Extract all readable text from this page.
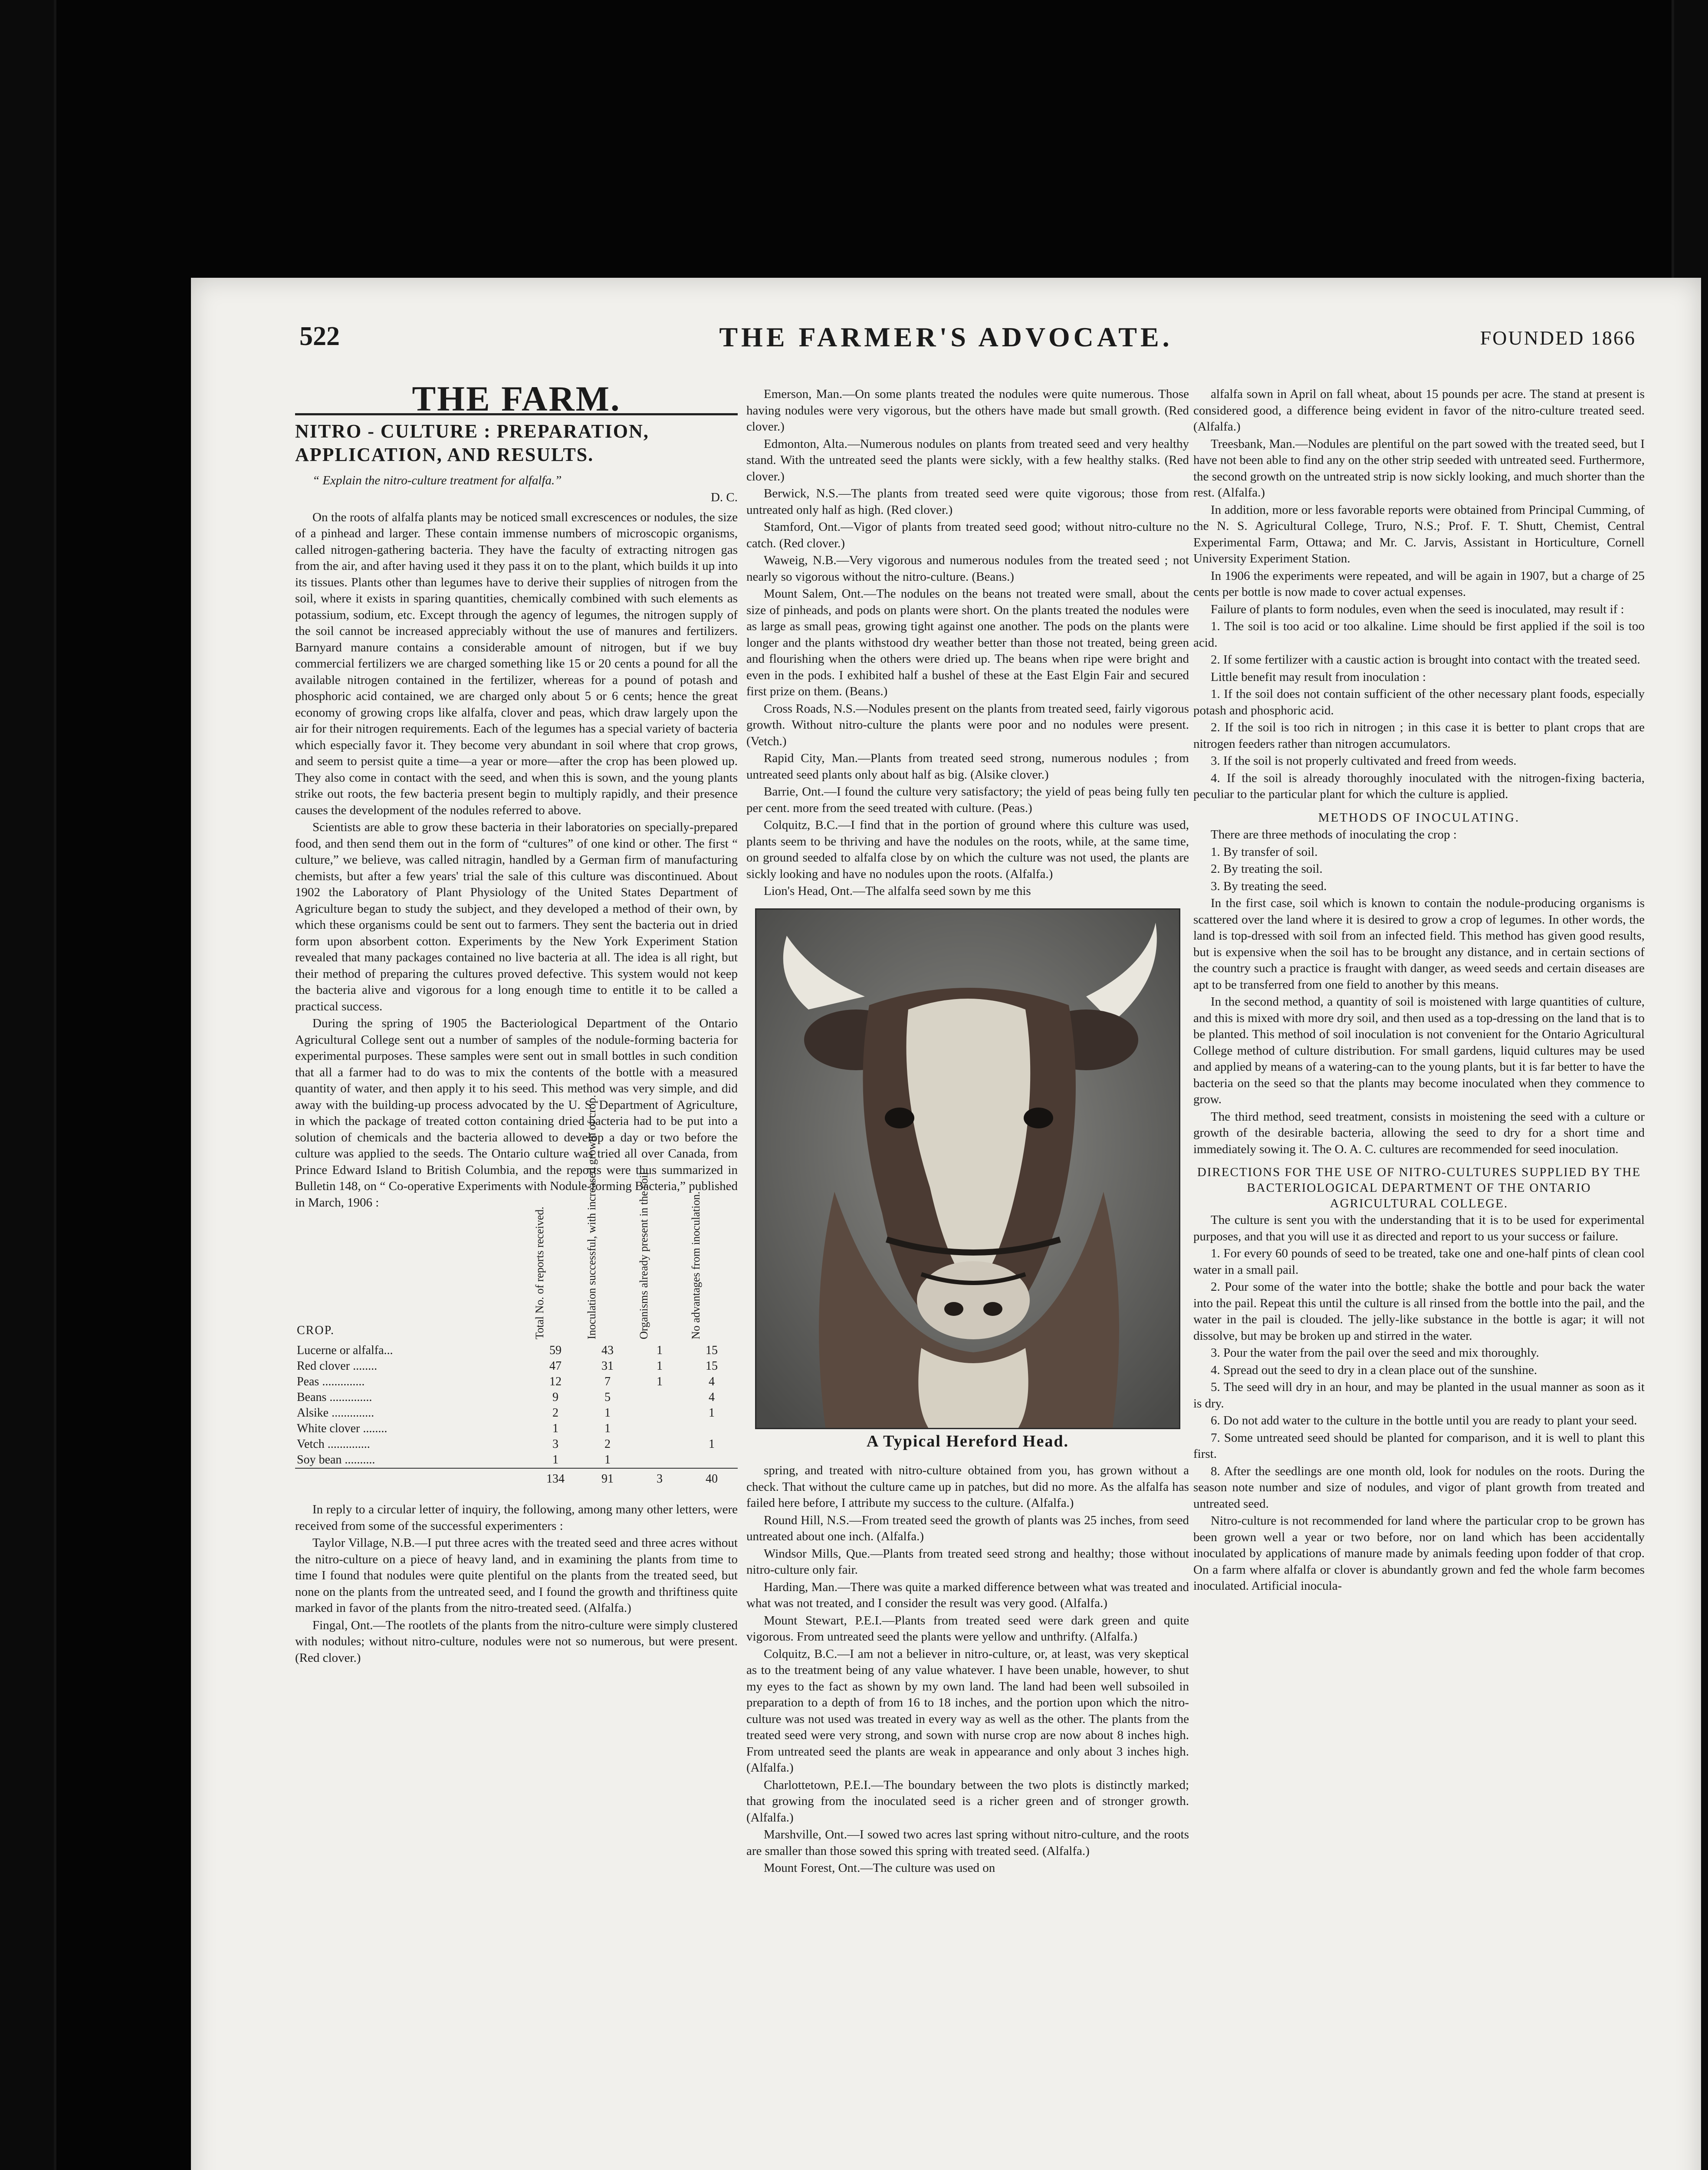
THE FARMER'S ADVOCATE.
522	FOUNDED 1866
THE FARM.
NITRO - CULTURE : PREPARATION, APPLICATION, AND RESULTS.

“ Explain the nitro-culture treatment for alfalfa.”

D. C.

On the roots of alfalfa plants may be noticed small excrescences or nodules, the size of a pinhead and larger. These contain immense numbers of microscopic organisms, called nitrogen-gathering bacteria. They have the faculty of extracting nitrogen gas from the air, and after having used it they pass it on to the plant, which builds it up into its tissues. Plants other than legumes have to derive their supplies of nitrogen from the soil, where it exists in sparing quantities, chemically combined with such elements as potassium, sodium, etc. Except through the agency of legumes, the nitrogen supply of the soil cannot be increased appreciably without the use of manures and fertilizers. Barnyard manure contains a considerable amount of nitrogen, but if we buy commercial fertilizers we are charged something like 15 or 20 cents a pound for all the available nitrogen contained in the fertilizer, whereas for a pound of potash and phosphoric acid contained, we are charged only about 5 or 6 cents; hence the great economy of growing crops like alfalfa, clover and peas, which draw largely upon the air for their nitrogen requirements. Each of the legumes has a special variety of bacteria which especially favor it. They become very abundant in soil where that crop grows, and seem to persist quite a time—a year or more—after the crop has been plowed up. They also come in contact with the seed, and when this is sown, and the young plants strike out roots, the few bacteria present begin to multiply rapidly, and their presence causes the development of the nodules referred to above.

Scientists are able to grow these bacteria in their laboratories on specially-prepared food, and then send them out in the form of “cultures” of one kind or other. The first “ culture,” we believe, was called nitragin, handled by a German firm of manufacturing chemists, but after a few years' trial the sale of this culture was discontinued. About 1902 the Laboratory of Plant Physiology of the United States Department of Agriculture began to study the subject, and they developed a method of their own, by which these organisms could be sent out to farmers. They sent the bacteria out in dried form upon absorbent cotton. Experiments by the New York Experiment Station revealed that many packages contained no live bacteria at all. The idea is all right, but their method of preparing the cultures proved defective. This system would not keep the bacteria alive and vigorous for a long enough time to entitle it to be called a practical success.

During the spring of 1905 the Bacteriological Department of the Ontario Agricultural College sent out a number of samples of the nodule-forming bacteria for experimental purposes. These samples were sent out in small bottles in such condition that all a farmer had to do was to mix the contents of the bottle with a measured quantity of water, and then apply it to his seed. This method was very simple, and did away with the building-up process advocated by the U. S. Department of Agriculture, in which the package of treated cotton containing dried bacteria had to be put into a solution of chemicals and the bacteria allowed to develop a day or two before the culture was applied to the seeds. The Ontario culture was tried all over Canada, from Prince Edward Island to British Columbia, and the reports were thus summarized in Bulletin 148, on “ Co-operative Experiments with Nodule-forming Bacteria,” published in March, 1906 :

CROP.	Total No. of reports received.	Inoculation successful, with increased growth of crop.	Organisms already present in the soil.	No advantages from inoculation.
Lucerne or alfalfa...	59	43	1	15
Red clover ........	47	31	1	15
Peas ..............	12	7	1	4
Beans ..............	9	5		4
Alsike ..............	2	1		1
White clover ........	1	1		
Vetch ..............	3	2		1
Soy bean ..........	1	1		
	134	91	3	40

In reply to a circular letter of inquiry, the following, among many other letters, were received from some of the successful experimenters :

Taylor Village, N.B.—I put three acres with the treated seed and three acres without the nitro-culture on a piece of heavy land, and in examining the plants from time to time I found that nodules were quite plentiful on the plants from the treated seed, but none on the plants from the untreated seed, and I found the growth and thriftiness quite marked in favor of the plants from the nitro-treated seed. (Alfalfa.)

Fingal, Ont.—The rootlets of the plants from the nitro-culture were simply clustered with nodules; without nitro-culture, nodules were not so numerous, but were present. (Red clover.)

Emerson, Man.—On some plants treated the nodules were quite numerous. Those having nodules were very vigorous, but the others have made but small growth. (Red clover.)

Edmonton, Alta.—Numerous nodules on plants from treated seed and very healthy stand. With the untreated seed the plants were sickly, with a few healthy stalks. (Red clover.)

Berwick, N.S.—The plants from treated seed were quite vigorous; those from untreated only half as high. (Red clover.)

Stamford, Ont.—Vigor of plants from treated seed good; without nitro-culture no catch. (Red clover.)

Waweig, N.B.—Very vigorous and numerous nodules from the treated seed ; not nearly so vigorous without the nitro-culture. (Beans.)

Mount Salem, Ont.—The nodules on the beans not treated were small, about the size of pinheads, and pods on plants were short. On the plants treated the nodules were as large as small peas, growing tight against one another. The pods on the plants were longer and the plants withstood dry weather better than those not treated, being green and flourishing when the others were dried up. The beans when ripe were bright and even in the pods. I exhibited half a bushel of these at the East Elgin Fair and secured first prize on them. (Beans.)

Cross Roads, N.S.—Nodules present on the plants from treated seed, fairly vigorous growth. Without nitro-culture the plants were poor and no nodules were present. (Vetch.)

Rapid City, Man.—Plants from treated seed strong, numerous nodules ; from untreated seed plants only about half as big. (Alsike clover.)

Barrie, Ont.—I found the culture very satisfactory; the yield of peas being fully ten per cent. more from the seed treated with culture. (Peas.)

Colquitz, B.C.—I find that in the portion of ground where this culture was used, plants seem to be thriving and have the nodules on the roots, while, at the same time, on ground seeded to alfalfa close by on which the culture was not used, the plants are sickly looking and have no nodules upon the roots. (Alfalfa.)

Lion's Head, Ont.—The alfalfa seed sown by me this

A Typical Hereford Head.

spring, and treated with nitro-culture obtained from you, has grown without a check. That without the culture came up in patches, but did no more. As the alfalfa has failed here before, I attribute my success to the culture. (Alfalfa.)

Round Hill, N.S.—From treated seed the growth of plants was 25 inches, from seed untreated about one inch. (Alfalfa.)

Windsor Mills, Que.—Plants from treated seed strong and healthy; those without nitro-culture only fair.

Harding, Man.—There was quite a marked difference between what was treated and what was not treated, and I consider the result was very good. (Alfalfa.)

Mount Stewart, P.E.I.—Plants from treated seed were dark green and quite vigorous. From untreated seed the plants were yellow and unthrifty. (Alfalfa.)

Colquitz, B.C.—I am not a believer in nitro-culture, or, at least, was very skeptical as to the treatment being of any value whatever. I have been unable, however, to shut my eyes to the fact as shown by my own land. The land had been well subsoiled in preparation to a depth of from 16 to 18 inches, and the portion upon which the nitro-culture was not used was treated in every way as well as the other. The plants from the treated seed were very strong, and sown with nurse crop are now about 8 inches high. From untreated seed the plants are weak in appearance and only about 3 inches high. (Alfalfa.)

Charlottetown, P.E.I.—The boundary between the two plots is distinctly marked; that growing from the inoculated seed is a richer green and of stronger growth. (Alfalfa.)

Marshville, Ont.—I sowed two acres last spring without nitro-culture, and the roots are smaller than those sowed this spring with treated seed. (Alfalfa.)

Mount Forest, Ont.—The culture was used on

alfalfa sown in April on fall wheat, about 15 pounds per acre. The stand at present is considered good, a difference being evident in favor of the nitro-culture treated seed. (Alfalfa.)

Treesbank, Man.—Nodules are plentiful on the part sowed with the treated seed, but I have not been able to find any on the other strip seeded with untreated seed. Furthermore, the second growth on the untreated strip is now sickly looking, and much shorter than the rest. (Alfalfa.)

In addition, more or less favorable reports were obtained from Principal Cumming, of the N. S. Agricultural College, Truro, N.S.; Prof. F. T. Shutt, Chemist, Central Experimental Farm, Ottawa; and Mr. C. Jarvis, Assistant in Horticulture, Cornell University Experiment Station.

In 1906 the experiments were repeated, and will be again in 1907, but a charge of 25 cents per bottle is now made to cover actual expenses.

Failure of plants to form nodules, even when the seed is inoculated, may result if :

1. The soil is too acid or too alkaline. Lime should be first applied if the soil is too acid.

2. If some fertilizer with a caustic action is brought into contact with the treated seed.

Little benefit may result from inoculation :

1. If the soil does not contain sufficient of the other necessary plant foods, especially potash and phosphoric acid.

2. If the soil is too rich in nitrogen ; in this case it is better to plant crops that are nitrogen feeders rather than nitrogen accumulators.

3. If the soil is not properly cultivated and freed from weeds.

4. If the soil is already thoroughly inoculated with the nitrogen-fixing bacteria, peculiar to the particular plant for which the culture is applied.

METHODS OF INOCULATING.

There are three methods of inoculating the crop :

1. By transfer of soil.

2. By treating the soil.

3. By treating the seed.

In the first case, soil which is known to contain the nodule-producing organisms is scattered over the land where it is desired to grow a crop of legumes. In other words, the land is top-dressed with soil from an infected field. This method has given good results, but is expensive when the soil has to be brought any distance, and in certain sections of the country such a practice is fraught with danger, as weed seeds and certain diseases are apt to be transferred from one field to another by this means.

In the second method, a quantity of soil is moistened with large quantities of culture, and this is mixed with more dry soil, and then used as a top-dressing on the land that is to be planted. This method of soil inoculation is not convenient for the Ontario Agricultural College method of culture distribution. For small gardens, liquid cultures may be used and applied by means of a watering-can to the young plants, but it is far better to have the bacteria on the seed so that the plants may become inoculated when they commence to grow.

The third method, seed treatment, consists in moistening the seed with a culture or growth of the desirable bacteria, allowing the seed to dry for a short time and immediately sowing it. The O. A. C. cultures are recommended for seed inoculation.

DIRECTIONS FOR THE USE OF NITRO-CULTURES SUPPLIED BY THE BACTERIOLOGICAL DEPARTMENT OF THE ONTARIO AGRICULTURAL COLLEGE.

The culture is sent you with the understanding that it is to be used for experimental purposes, and that you will use it as directed and report to us your success or failure.

1. For every 60 pounds of seed to be treated, take one and one-half pints of clean cool water in a small pail.

2. Pour some of the water into the bottle; shake the bottle and pour back the water into the pail. Repeat this until the culture is all rinsed from the bottle into the pail, and the water in the pail is clouded. The jelly-like substance in the bottle is agar; it will not dissolve, but may be broken up and stirred in the water.

3. Pour the water from the pail over the seed and mix thoroughly.

4. Spread out the seed to dry in a clean place out of the sunshine.

5. The seed will dry in an hour, and may be planted in the usual manner as soon as it is dry.

6. Do not add water to the culture in the bottle until you are ready to plant your seed.

7. Some untreated seed should be planted for comparison, and it is well to plant this first.

8. After the seedlings are one month old, look for nodules on the roots. During the season note number and size of nodules, and vigor of plant growth from treated and untreated seed.

Nitro-culture is not recommended for land where the particular crop to be grown has been grown well a year or two before, nor on land which has been accidentally inoculated by applications of manure made by animals feeding upon fodder of that crop. On a farm where alfalfa or clover is abundantly grown and fed the whole farm becomes inoculated. Artificial inocula-
